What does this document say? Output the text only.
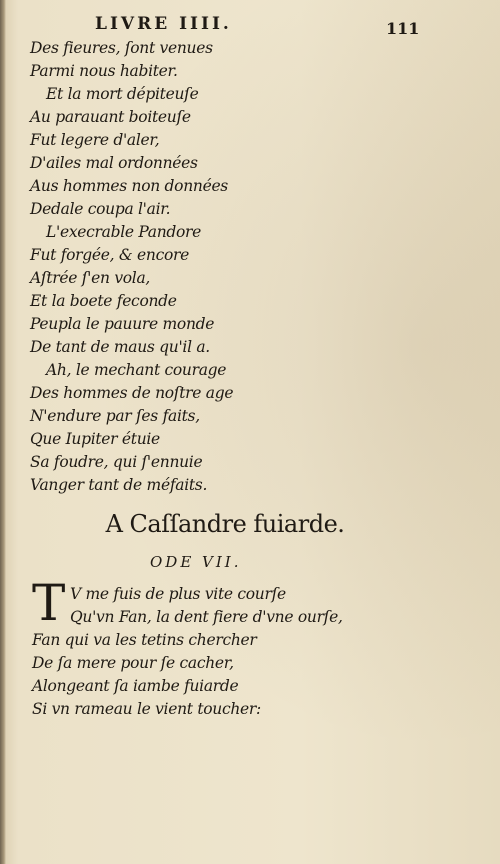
LIVRE IIII.	111
Des fieures, ſont venues
Parmi nous habiter.
Et la mort dépiteuſe
Au parauant boiteuſe
Fut legere d'aler,
D'ailes mal ordonnées
Aus hommes non données
Dedale coupa l'air.
L'execrable Pandore
Fut forgée, & encore
Aſtrée ſ'en vola,
Et la boete feconde
Peupla le pauure monde
De tant de maus qu'il a.
Ah, le mechant courage
Des hommes de noſtre age
N'endure par ſes faits,
Que Iupiter étuie
Sa foudre, qui ſ'ennuie
Vanger tant de méfaits.
A Caſſandre fuiarde.
ODE VII.
T V me fuis de plus vite courſe
Qu'vn Fan, la dent fiere d'vne ourſe,
Fan qui va les tetins chercher
De ſa mere pour ſe cacher,
Alongeant ſa iambe fuiarde
Si vn rameau le vient toucher:
